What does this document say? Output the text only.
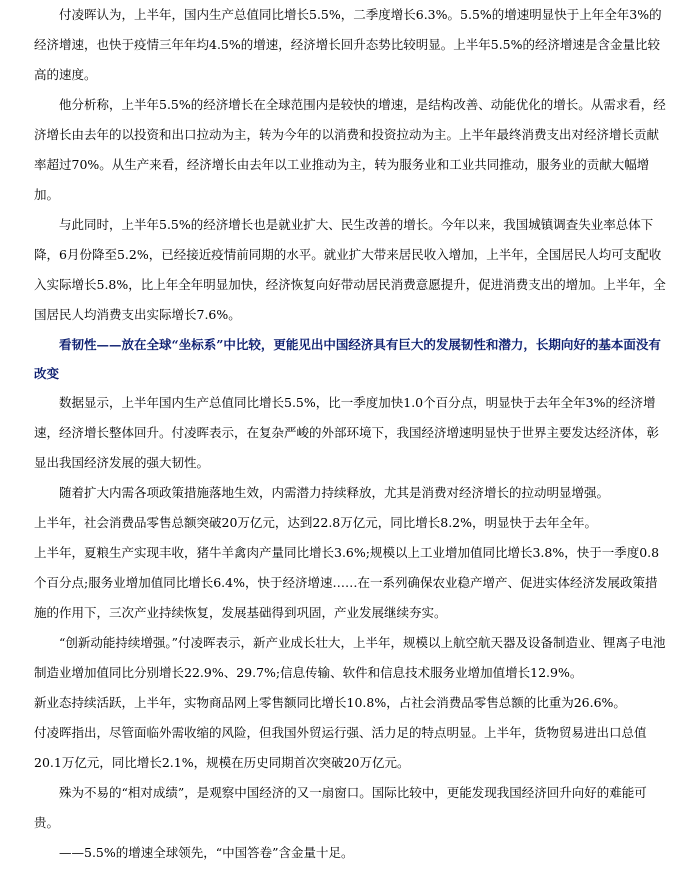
付凌晖认为，上半年，国内生产总值同比增长5.5%，二季度增长6.3%。5.5%的增速明显快于上年全年3%的经济增速，也快于疫情三年年均4.5%的增速，经济增长回升态势比较明显。上半年5.5%的经济增速是含金量比较高的速度。

他分析称，上半年5.5%的经济增长在全球范围内是较快的增速，是结构改善、动能优化的增长。从需求看，经济增长由去年的以投资和出口拉动为主，转为今年的以消费和投资拉动为主。上半年最终消费支出对经济增长贡献率超过70%。从生产来看，经济增长由去年以工业推动为主，转为服务业和工业共同推动，服务业的贡献大幅增加。

与此同时，上半年5.5%的经济增长也是就业扩大、民生改善的增长。今年以来，我国城镇调查失业率总体下降，6月份降至5.2%，已经接近疫情前同期的水平。就业扩大带来居民收入增加，上半年，全国居民人均可支配收入实际增长5.8%，比上年全年明显加快，经济恢复向好带动居民消费意愿提升，促进消费支出的增加。上半年，全国居民人均消费支出实际增长7.6%。

看韧性——放在全球“坐标系”中比较，更能见出中国经济具有巨大的发展韧性和潜力，长期向好的基本面没有改变

数据显示，上半年国内生产总值同比增长5.5%，比一季度加快1.0个百分点，明显快于去年全年3%的经济增速，经济增长整体回升。付凌晖表示，在复杂严峻的外部环境下，我国经济增速明显快于世界主要发达经济体，彰显出我国经济发展的强大韧性。

随着扩大内需各项政策措施落地生效，内需潜力持续释放，尤其是消费对经济增长的拉动明显增强。

上半年，社会消费品零售总额突破20万亿元，达到22.8万亿元，同比增长8.2%，明显快于去年全年。

上半年，夏粮生产实现丰收，猪牛羊禽肉产量同比增长3.6%;规模以上工业增加值同比增长3.8%，快于一季度0.8个百分点;服务业增加值同比增长6.4%，快于经济增速……在一系列确保农业稳产增产、促进实体经济发展政策措施的作用下，三次产业持续恢复，发展基础得到巩固，产业发展继续夯实。

“创新动能持续增强。”付凌晖表示，新产业成长壮大，上半年，规模以上航空航天器及设备制造业、锂离子电池制造业增加值同比分别增长22.9%、29.7%;信息传输、软件和信息技术服务业增加值增长12.9%。

新业态持续活跃，上半年，实物商品网上零售额同比增长10.8%，占社会消费品零售总额的比重为26.6%。

付凌晖指出，尽管面临外需收缩的风险，但我国外贸运行强、活力足的特点明显。上半年，货物贸易进出口总值20.1万亿元，同比增长2.1%，规模在历史同期首次突破20万亿元。

殊为不易的“相对成绩”，是观察中国经济的又一扇窗口。国际比较中，更能发现我国经济回升向好的难能可贵。

——5.5%的增速全球领先，“中国答卷”含金量十足。
